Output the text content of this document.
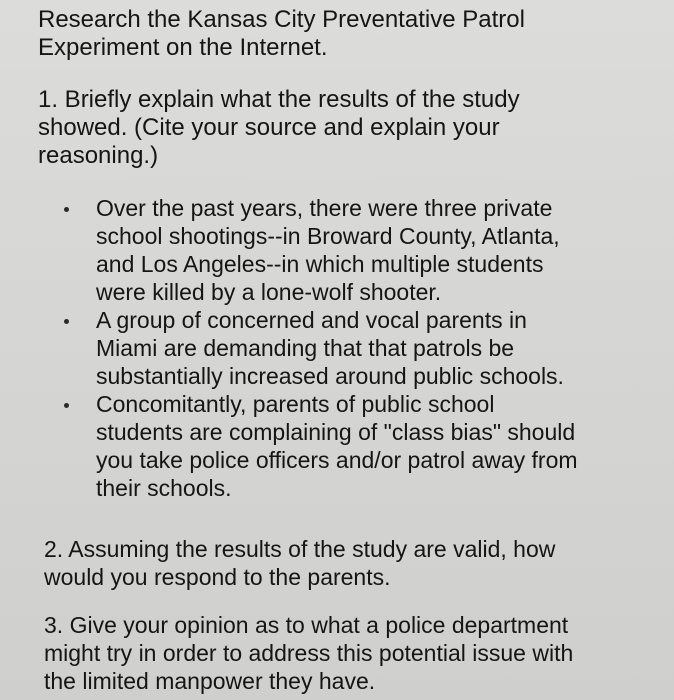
Research the Kansas City Preventative Patrol
Experiment on the Internet.
1. Briefly explain what the results of the study
showed. (Cite your source and explain your
reasoning.)
Over the past years, there were three private
school shootings--in Broward County, Atlanta,
and Los Angeles--in which multiple students
were killed by a lone-wolf shooter.
A group of concerned and vocal parents in
Miami are demanding that that patrols be
substantially increased around public schools.
Concomitantly, parents of public school
students are complaining of "class bias" should
you take police officers and/or patrol away from
their schools.
2. Assuming the results of the study are valid, how
would you respond to the parents.
3. Give your opinion as to what a police department
might try in order to address this potential issue with
the limited manpower they have.
